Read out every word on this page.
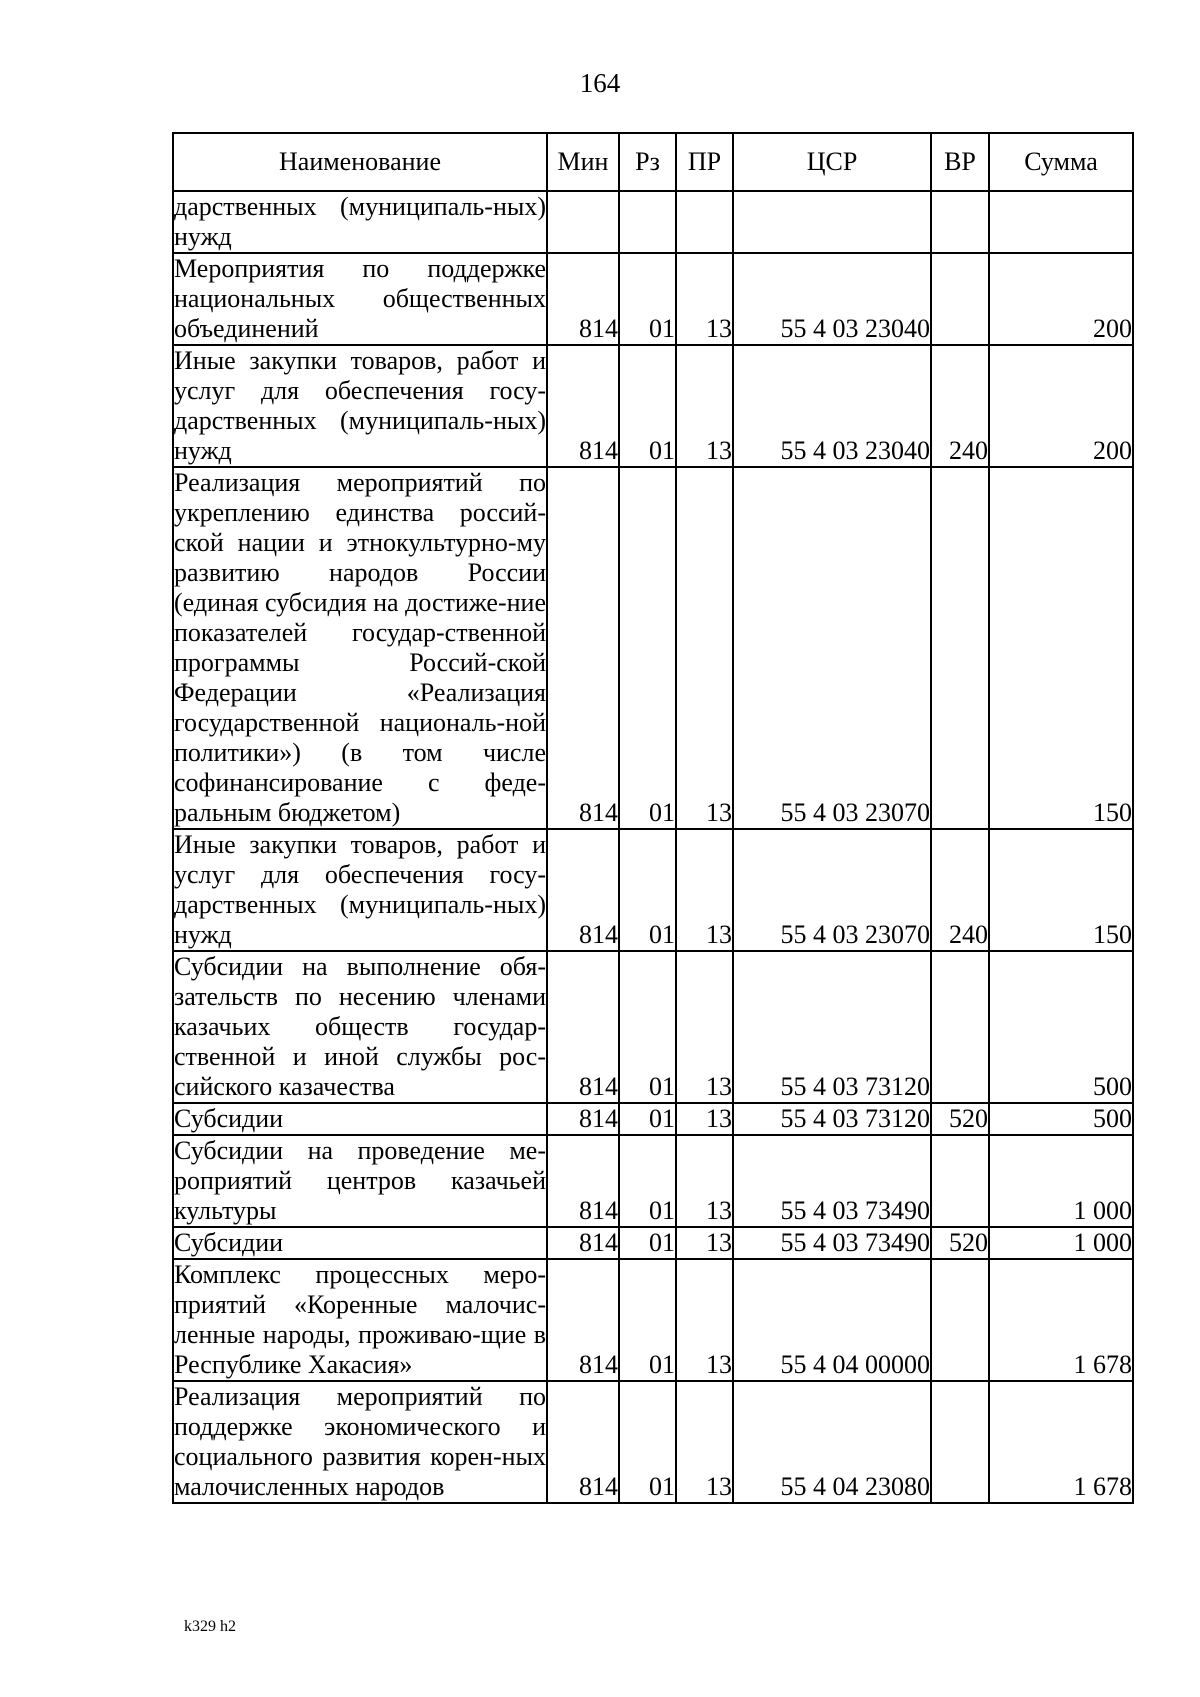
164
Наименование	Мин	Рз	ПР	ЦСР	ВР	Сумма
дарственных (муниципаль-ных) нужд						
Мероприятия по поддержке национальных общественных объединений	814	01	13	55 4 03 23040		200
Иные закупки товаров, работ и услуг для обеспечения госу-дарственных (муниципаль-ных) нужд	814	01	13	55 4 03 23040	240	200
Реализация мероприятий по укреплению единства россий-ской нации и этнокультурно-му развитию народов России (единая субсидия на достиже-ние показателей государ-ственной программы Россий-ской Федерации «Реализация государственной националь-ной политики») (в том числе софинансирование с феде-ральным бюджетом)	814	01	13	55 4 03 23070		150
Иные закупки товаров, работ и услуг для обеспечения госу-дарственных (муниципаль-ных) нужд	814	01	13	55 4 03 23070	240	150
Субсидии на выполнение обя-зательств по несению членами казачьих обществ государ-ственной и иной службы рос-сийского казачества	814	01	13	55 4 03 73120		500
Субсидии	814	01	13	55 4 03 73120	520	500
Субсидии на проведение ме-роприятий центров казачьей культуры	814	01	13	55 4 03 73490		1 000
Субсидии	814	01	13	55 4 03 73490	520	1 000
Комплекс процессных меро-приятий «Коренные малочис-ленные народы, проживаю-щие в Республике Хакасия»	814	01	13	55 4 04 00000		1 678
Реализация мероприятий по поддержке экономического и социального развития корен-ных малочисленных народов	814	01	13	55 4 04 23080		1 678
k329 h2
